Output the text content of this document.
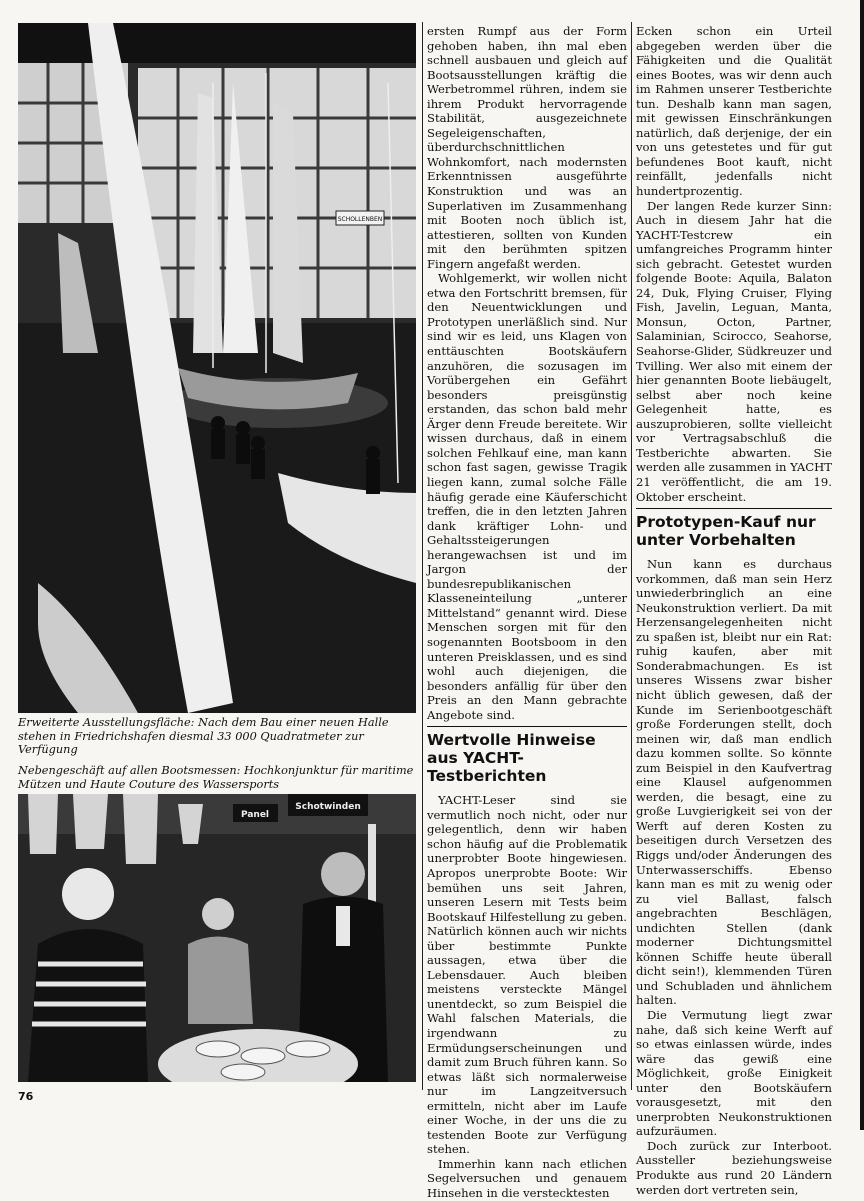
SCHOLLENBEN
Erweiterte Ausstellungsfläche: Nach dem Bau einer neuen Halle stehen in Friedrichshafen diesmal 33 000 Quadratmeter zur Verfügung
Nebengeschäft auf allen Bootsmessen: Hochkonjunktur für maritime Mützen und Haute Couture des Wassersports
Panel
Schotwinden

ersten Rumpf aus der Form gehoben haben, ihn mal eben schnell ausbauen und gleich auf Bootsausstellungen kräftig die Werbetrommel rühren, indem sie ihrem Produkt hervorragende Stabilität, ausgezeichnete Segeleigenschaften, überdurchschnittlichen Wohnkomfort, nach modernsten Erkenntnissen ausgeführte Konstruktion und was an Superlativen im Zusammenhang mit Booten noch üblich ist, attestieren, sollten von Kunden mit den berühmten spitzen Fingern angefaßt werden.

Wohlgemerkt, wir wollen nicht etwa den Fortschritt bremsen, für den Neuentwicklungen und Prototypen unerläßlich sind. Nur sind wir es leid, uns Klagen von enttäuschten Bootskäufern anzuhören, die sozusagen im Vorübergehen ein Gefährt besonders preisgünstig erstanden, das schon bald mehr Ärger denn Freude bereitete. Wir wissen durchaus, daß in einem solchen Fehlkauf eine, man kann schon fast sagen, gewisse Tragik liegen kann, zumal solche Fälle häufig gerade eine Käuferschicht treffen, die in den letzten Jahren dank kräftiger Lohn- und Gehaltssteigerungen herangewachsen ist und im Jargon der bundesrepublikanischen Klasseneinteilung „unterer Mittelstand“ genannt wird. Diese Menschen sorgen mit für den sogenannten Bootsboom in den unteren Preisklassen, und es sind wohl auch diejenigen, die besonders anfällig für über den Preis an den Mann gebrachte Angebote sind.

Wertvolle Hinweise aus YACHT-Testberichten

YACHT-Leser sind sie vermutlich noch nicht, oder nur gelegentlich, denn wir haben schon häufig auf die Problematik unerprobter Boote hingewiesen. Apropos unerprobte Boote: Wir bemühen uns seit Jahren, unseren Lesern mit Tests beim Bootskauf Hilfestellung zu geben. Natürlich können auch wir nichts über bestimmte Punkte aussagen, etwa über die Lebensdauer. Auch bleiben meistens versteckte Mängel unentdeckt, so zum Beispiel die Wahl falschen Materials, die irgendwann zu Ermüdungserscheinungen und damit zum Bruch führen kann. So etwas läßt sich normalerweise nur im Langzeitversuch ermitteln, nicht aber im Laufe einer Woche, in der uns die zu testenden Boote zur Verfügung stehen.

Immerhin kann nach etlichen Segelversuchen und genauem Hinsehen in die verstecktesten

Ecken schon ein Urteil abgegeben werden über die Fähigkeiten und die Qualität eines Bootes, was wir denn auch im Rahmen unserer Testberichte tun. Deshalb kann man sagen, mit gewissen Einschränkungen natürlich, daß derjenige, der ein von uns getestetes und für gut befundenes Boot kauft, nicht reinfällt, jedenfalls nicht hundertprozentig.

Der langen Rede kurzer Sinn: Auch in diesem Jahr hat die YACHT-Testcrew ein umfangreiches Programm hinter sich gebracht. Getestet wurden folgende Boote: Aquila, Balaton 24, Duk, Flying Cruiser, Flying Fish, Javelin, Leguan, Manta, Monsun, Octon, Partner, Salaminian, Scirocco, Seahorse, Seahorse-Glider, Südkreuzer und Tvilling. Wer also mit einem der hier genannten Boote liebäugelt, selbst aber noch keine Gelegenheit hatte, es auszuprobieren, sollte vielleicht vor Vertragsabschluß die Testberichte abwarten. Sie werden alle zusammen in YACHT 21 veröffentlicht, die am 19. Oktober erscheint.

Prototypen-Kauf nur unter Vorbehalten

Nun kann es durchaus vorkommen, daß man sein Herz unwiederbringlich an eine Neukonstruktion verliert. Da mit Herzensangelegenheiten nicht zu spaßen ist, bleibt nur ein Rat: ruhig kaufen, aber mit Sonderabmachungen. Es ist unseres Wissens zwar bisher nicht üblich gewesen, daß der Kunde im Serienbootgeschäft große Forderungen stellt, doch meinen wir, daß man endlich dazu kommen sollte. So könnte zum Beispiel in den Kaufvertrag eine Klausel aufgenommen werden, die besagt, eine zu große Luvgierigkeit sei von der Werft auf deren Kosten zu beseitigen durch Versetzen des Riggs und/oder Änderungen des Unterwasserschiffs. Ebenso kann man es mit zu wenig oder zu viel Ballast, falsch angebrachten Beschlägen, undichten Stellen (dank moderner Dichtungsmittel können Schiffe heute überall dicht sein!), klemmenden Türen und Schubladen und ähnlichem halten.

Die Vermutung liegt zwar nahe, daß sich keine Werft auf so etwas einlassen würde, indes wäre das gewiß eine Möglichkeit, große Einigkeit unter den Bootskäufern vorausgesetzt, mit den unerprobten Neukonstruktionen aufzuräumen.

Doch zurück zur Interboot. Aussteller beziehungsweise Produkte aus rund 20 Ländern werden dort vertreten sein,

76
